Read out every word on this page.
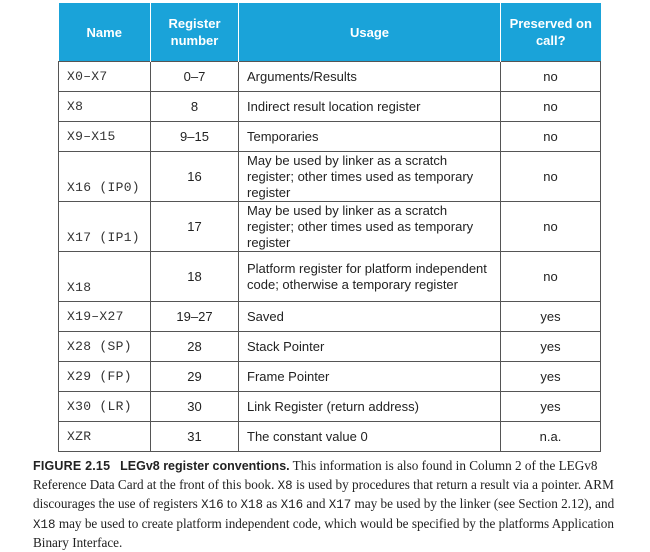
Name	Register number	Usage	Preserved on call?
X0–X7	0–7	Arguments/Results	no
X8	8	Indirect result location register	no
X9–X15	9–15	Temporaries	no
X16 (IP0)	16	May be used by linker as a scratch register; other times used as temporary register	no
X17 (IP1)	17	May be used by linker as a scratch register; other times used as temporary register	no
X18	18	Platform register for platform independent code; otherwise a temporary register	no
X19–X27	19–27	Saved	yes
X28 (SP)	28	Stack Pointer	yes
X29 (FP)	29	Frame Pointer	yes
X30 (LR)	30	Link Register (return address)	yes
XZR	31	The constant value 0	n.a.
FIGURE 2.15 LEGv8 register conventions. This information is also found in Column 2 of the LEGv8 Reference Data Card at the front of this book. X8 is used by procedures that return a result via a pointer. ARM discourages the use of registers X16 to X18 as X16 and X17 may be used by the linker (see Section 2.12), and X18 may be used to create platform independent code, which would be specified by the platforms Application Binary Interface.
